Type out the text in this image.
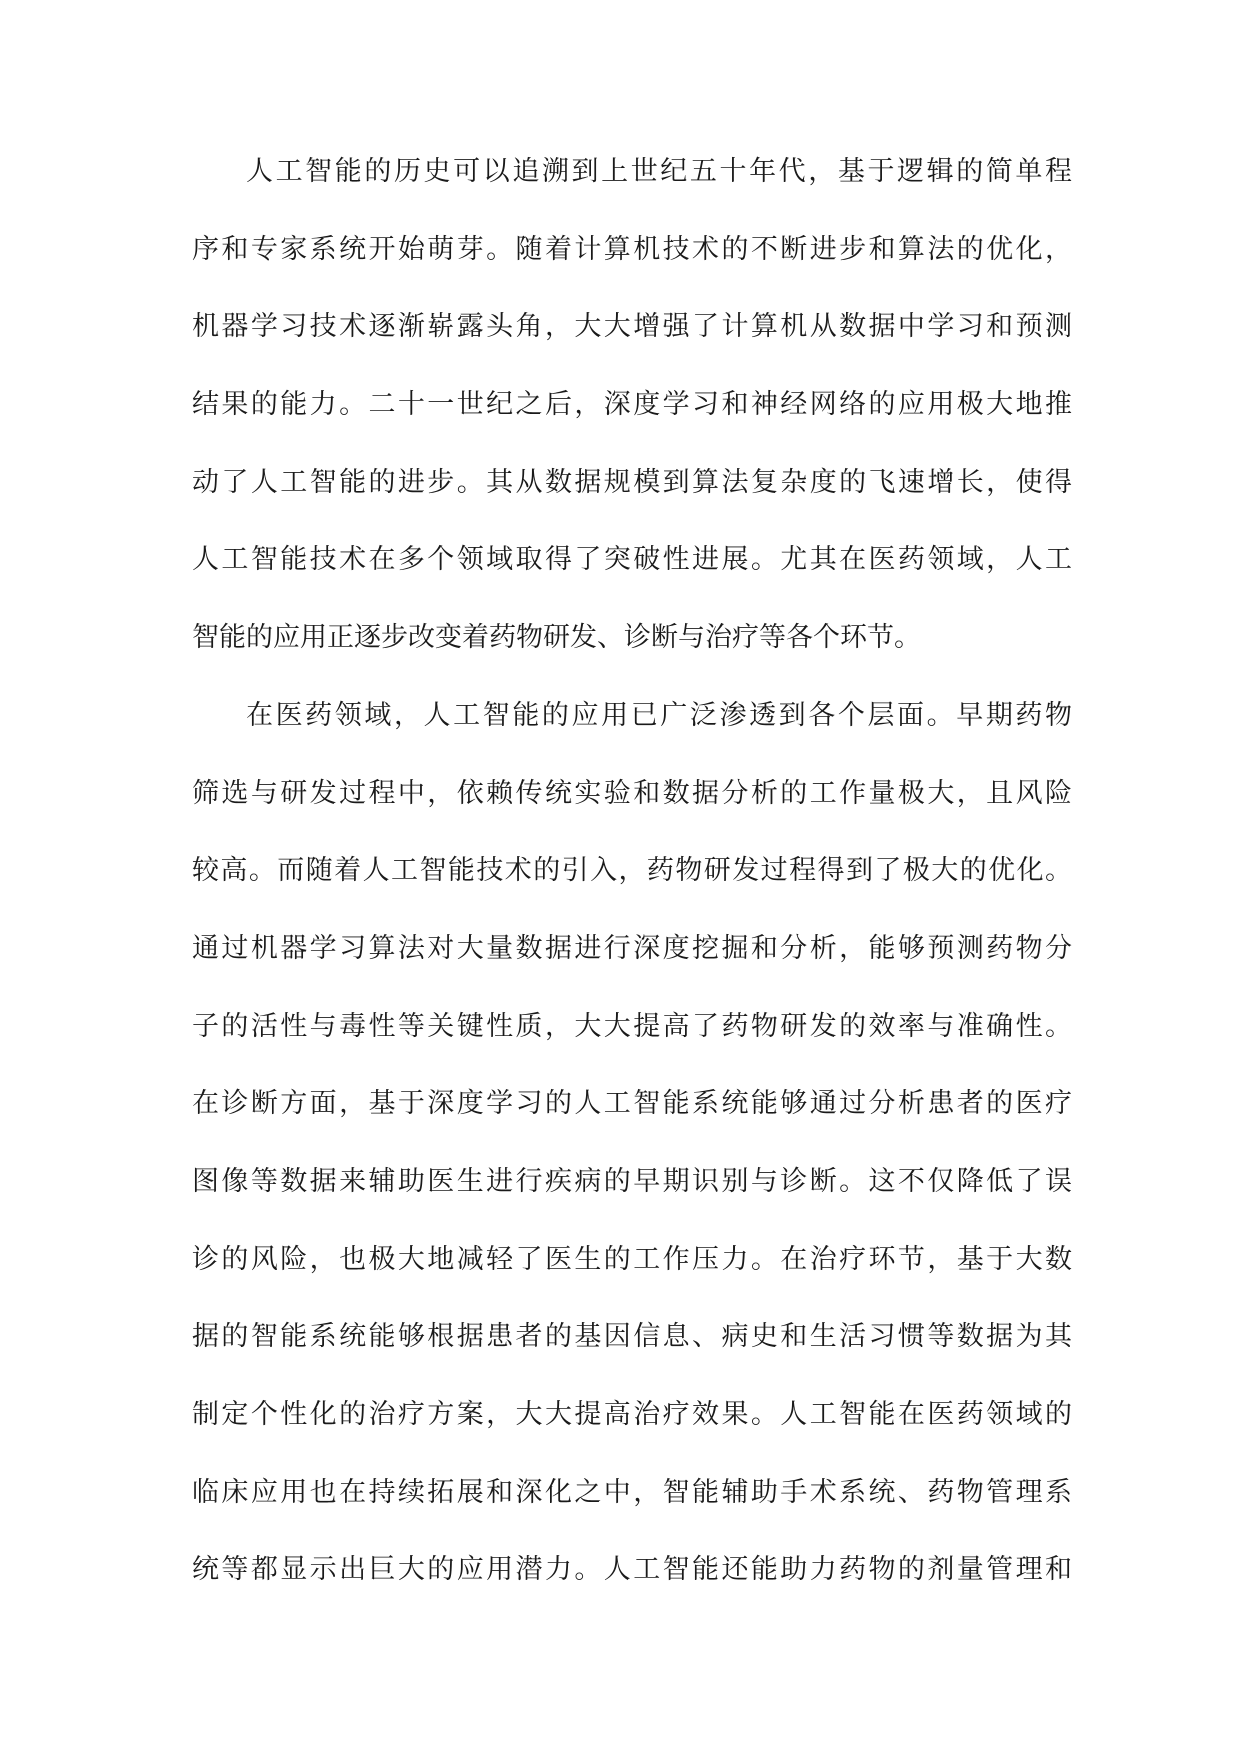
人工智能的历史可以追溯到上世纪五十年代，基于逻辑的简单程
序和专家系统开始萌芽。随着计算机技术的不断进步和算法的优化，
机器学习技术逐渐崭露头角，大大增强了计算机从数据中学习和预测
结果的能力。二十一世纪之后，深度学习和神经网络的应用极大地推
动了人工智能的进步。其从数据规模到算法复杂度的飞速增长，使得
人工智能技术在多个领域取得了突破性进展。尤其在医药领域，人工
智能的应用正逐步改变着药物研发、诊断与治疗等各个环节。
在医药领域，人工智能的应用已广泛渗透到各个层面。早期药物
筛选与研发过程中，依赖传统实验和数据分析的工作量极大，且风险
较高。而随着人工智能技术的引入，药物研发过程得到了极大的优化。
通过机器学习算法对大量数据进行深度挖掘和分析，能够预测药物分
子的活性与毒性等关键性质，大大提高了药物研发的效率与准确性。
在诊断方面，基于深度学习的人工智能系统能够通过分析患者的医疗
图像等数据来辅助医生进行疾病的早期识别与诊断。这不仅降低了误
诊的风险，也极大地减轻了医生的工作压力。在治疗环节，基于大数
据的智能系统能够根据患者的基因信息、病史和生活习惯等数据为其
制定个性化的治疗方案，大大提高治疗效果。人工智能在医药领域的
临床应用也在持续拓展和深化之中，智能辅助手术系统、药物管理系
统等都显示出巨大的应用潜力。人工智能还能助力药物的剂量管理和
